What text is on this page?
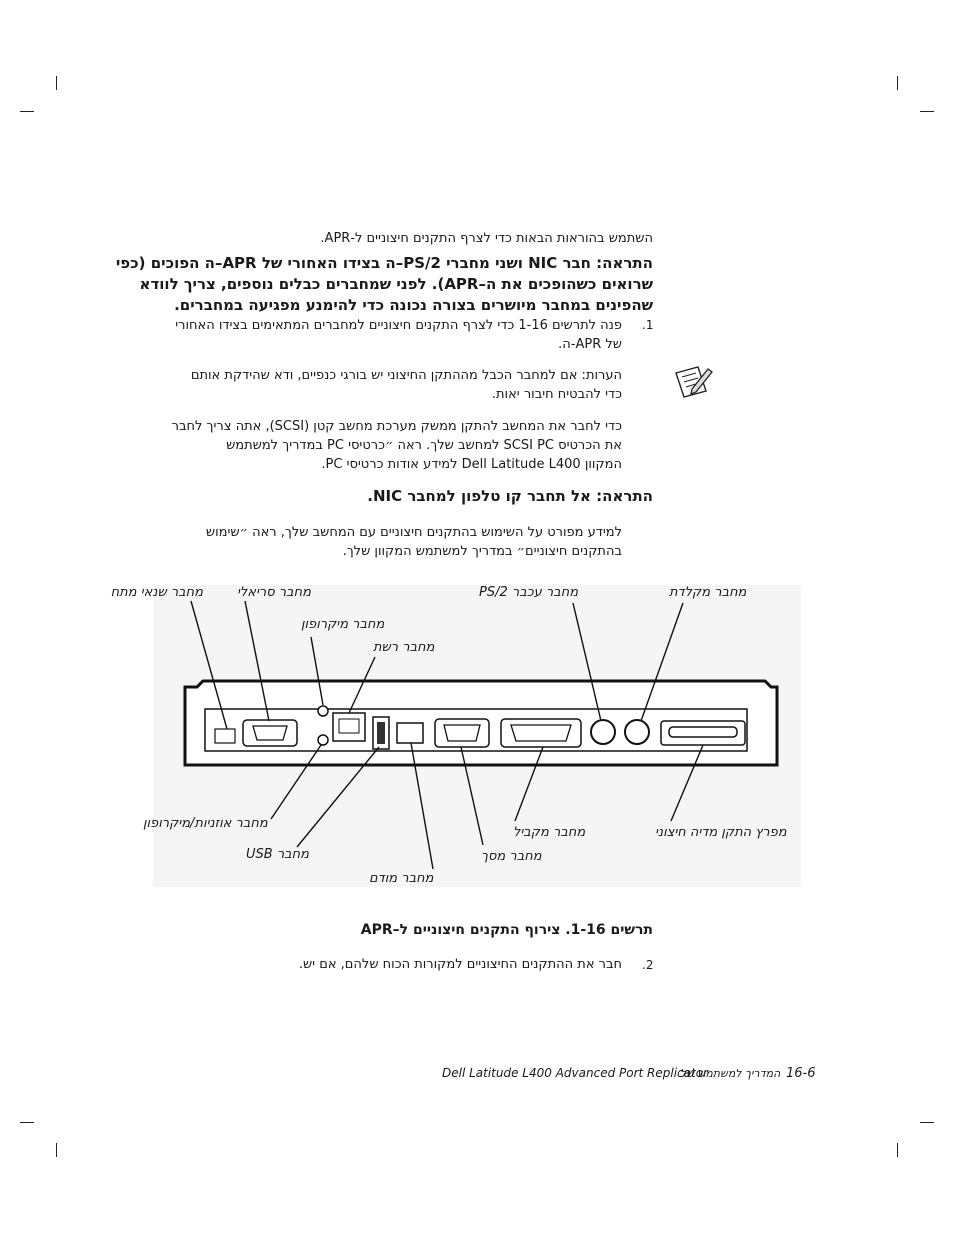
השתמש בהוראות הבאות כדי לצרף התקנים חיצוניים ל-APR.
התראה: חבר NIC ושני מחברי PS/2–ה בצידו האחורי של APR–ה הפוכים (כפי
שרואים כשהופכים את ה–APR). לפני שמחברים כבלים נוספים, צריך לוודא
שהפינים במחבר מיושרים בצורה נכונה כדי להימנע מפגיעה במחברים.
.1
פנה לתרשים 1-16 כדי לצרף התקנים חיצוניים למחברים המתאימים בצידו האחורי
של APR-ה.
הערות: אם למחבר הכבל מההתקן החיצוני יש בורגי כנפיים, ודא שהידקת אותם
כדי להבטיח חיבור יאות.
כדי לחבר את המחשב להתקן ממשק מערכת מחשב קטן (SCSI), אתה צריך לחבר
את הכרטיס SCSI PC למחשב שלך. ראה ״כרטיסי PC במדריך למשתמש
המקוון Dell Latitude L400 למידע אודות כרטיסי PC.
התראה: אל תחבר קו טלפון למחבר NIC.
למידע מפורט על השימוש בהתקנים חיצוניים עם המחשב שלך, ראה ״שימוש
בהתקנים חיצוניים״ במדריך למשתמש המקוון שלך.
מחבר שנאי מתח	מחבר סריאלי
מחבר מיקרופון
מחבר רשת
מחבר עכבר PS/2	מחבר מקלדת
מחבר אוזניות/מיקרופון
מחבר USB
מחבר מודם
מחבר מסך
מחבר מקביל	מפרץ התקן מדיה חיצוני
תרשים 1-16. צירוף התקנים חיצוניים ל–APR
.2
חבר את ההתקנים החיצוניים למקורות הכוח שלהם, אם יש.
Dell Latitude L400 Advanced Port Replicator
המדריך למשתמש של 16-6
